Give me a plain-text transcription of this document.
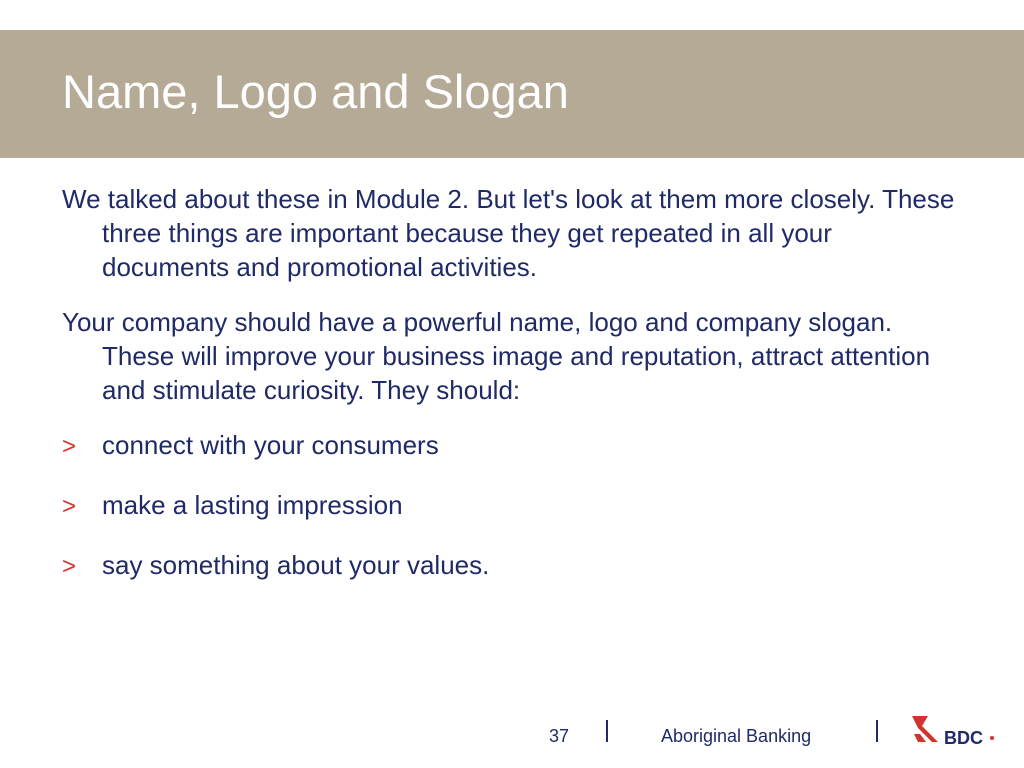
Name, Logo and Slogan

We talked about these in Module 2. But let's look at them more closely. These three things are important because they get repeated in all your documents and promotional activities.

Your company should have a powerful name, logo and company slogan. These will improve your business image and reputation, attract attention and stimulate curiosity. They should:

> connect with your consumers
> make a lasting impression
> say something about your values.
37	Aboriginal Banking	BDC
